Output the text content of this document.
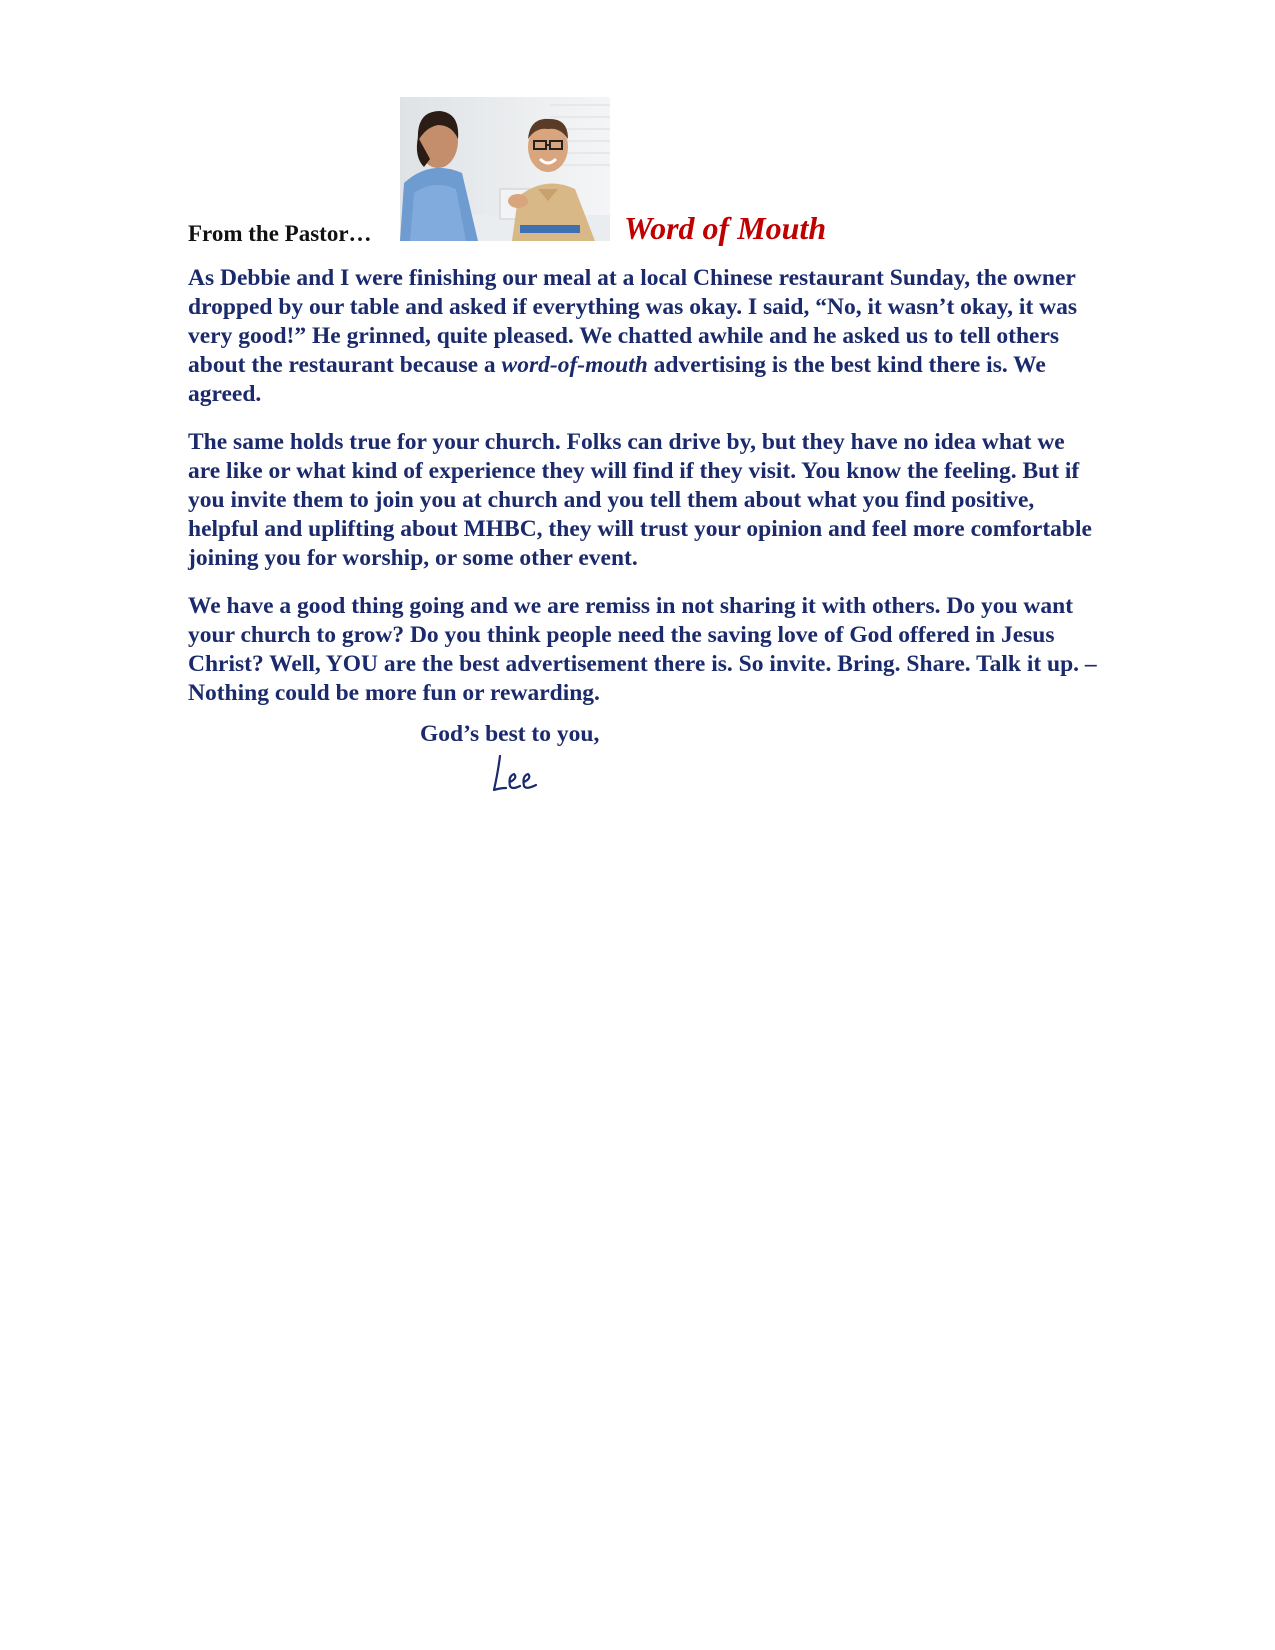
From the Pastor…	Word of Mouth

As Debbie and I were finishing our meal at a local Chinese restaurant Sunday, the owner dropped by our table and asked if everything was okay. I said, “No, it wasn’t okay, it was very good!” He grinned, quite pleased. We chatted awhile and he asked us to tell others about the restaurant because a word-of-mouth advertising is the best kind there is. We agreed.

The same holds true for your church. Folks can drive by, but they have no idea what we are like or what kind of experience they will find if they visit. You know the feeling. But if you invite them to join you at church and you tell them about what you find positive, helpful and uplifting about MHBC, they will trust your opinion and feel more comfortable joining you for worship, or some other event.

We have a good thing going and we are remiss in not sharing it with others. Do you want your church to grow? Do you think people need the saving love of God offered in Jesus Christ? Well, YOU are the best advertisement there is. So invite. Bring. Share. Talk it up. – Nothing could be more fun or rewarding.

God’s best to you,
